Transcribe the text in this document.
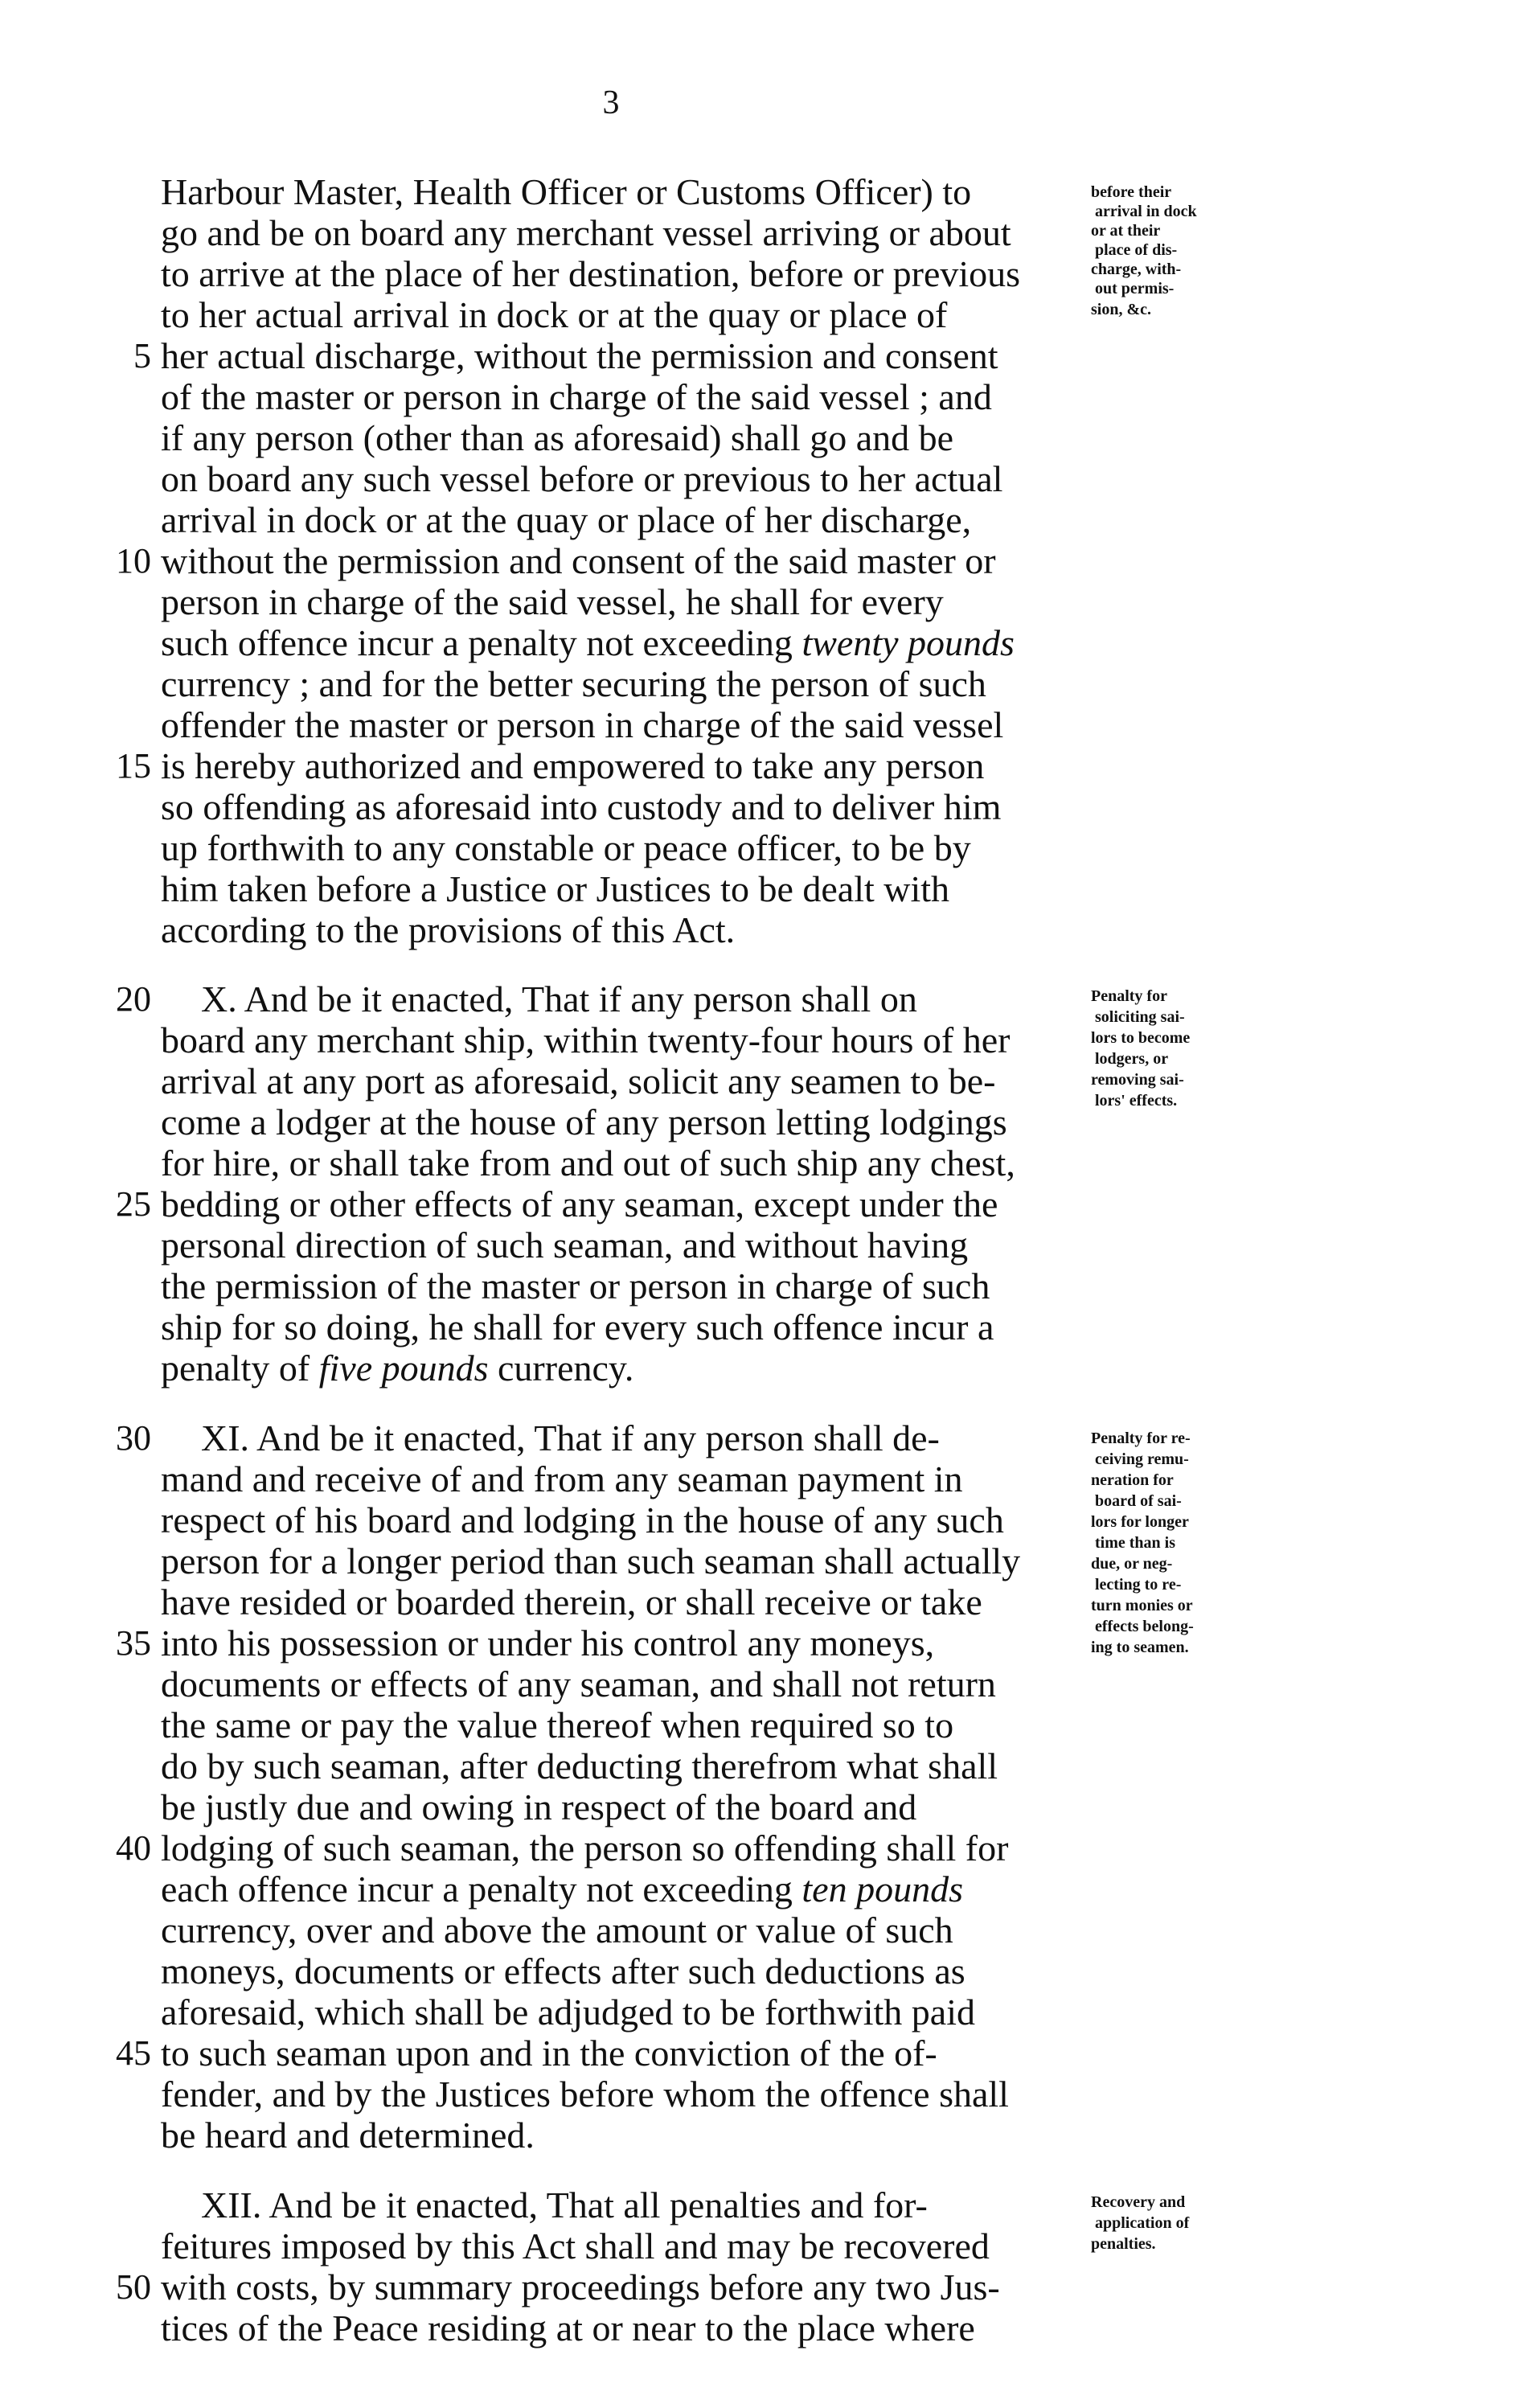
3
Harbour Master, Health Officer or Customs Officer) to
go and be on board any merchant vessel arriving or about
to arrive at the place of her destination, before or previous
to her actual arrival in dock or at the quay or place of
her actual discharge, without the permission and consent
5
of the master or person in charge of the said vessel ; and
if any person (other than as aforesaid) shall go and be
on board any such vessel before or previous to her actual
arrival in dock or at the quay or place of her discharge,
without the permission and consent of the said master or
10
person in charge of the said vessel, he shall for every
such offence incur a penalty not exceeding twenty pounds
currency ; and for the better securing the person of such
offender the master or person in charge of the said vessel
is hereby authorized and empowered to take any person
15
so offending as aforesaid into custody and to deliver him
up forthwith to any constable or peace officer, to be by
him taken before a Justice or Justices to be dealt with
according to the provisions of this Act.
X. And be it enacted, That if any person shall on
20
board any merchant ship, within twenty-four hours of her
arrival at any port as aforesaid, solicit any seamen to be-
come a lodger at the house of any person letting lodgings
for hire, or shall take from and out of such ship any chest,
bedding or other effects of any seaman, except under the
25
personal direction of such seaman, and without having
the permission of the master or person in charge of such
ship for so doing, he shall for every such offence incur a
penalty of five pounds currency.
XI. And be it enacted, That if any person shall de-
30
mand and receive of and from any seaman payment in
respect of his board and lodging in the house of any such
person for a longer period than such seaman shall actually
have resided or boarded therein, or shall receive or take
into his possession or under his control any moneys,
35
documents or effects of any seaman, and shall not return
the same or pay the value thereof when required so to
do by such seaman, after deducting therefrom what shall
be justly due and owing in respect of the board and
lodging of such seaman, the person so offending shall for
40
each offence incur a penalty not exceeding ten pounds
currency, over and above the amount or value of such
moneys, documents or effects after such deductions as
aforesaid, which shall be adjudged to be forthwith paid
to such seaman upon and in the conviction of the of-
45
fender, and by the Justices before whom the offence shall
be heard and determined.
XII. And be it enacted, That all penalties and for-
feitures imposed by this Act shall and may be recovered
with costs, by summary proceedings before any two Jus-
50
tices of the Peace residing at or near to the place where
before their
arrival in dock
or at their
place of dis-
charge, with-
out permis-
sion, &c.
Penalty for
soliciting sai-
lors to become
lodgers, or
removing sai-
lors' effects.
Penalty for re-
ceiving remu-
neration for
board of sai-
lors for longer
time than is
due, or neg-
lecting to re-
turn monies or
effects belong-
ing to seamen.
Recovery and
application of
penalties.
